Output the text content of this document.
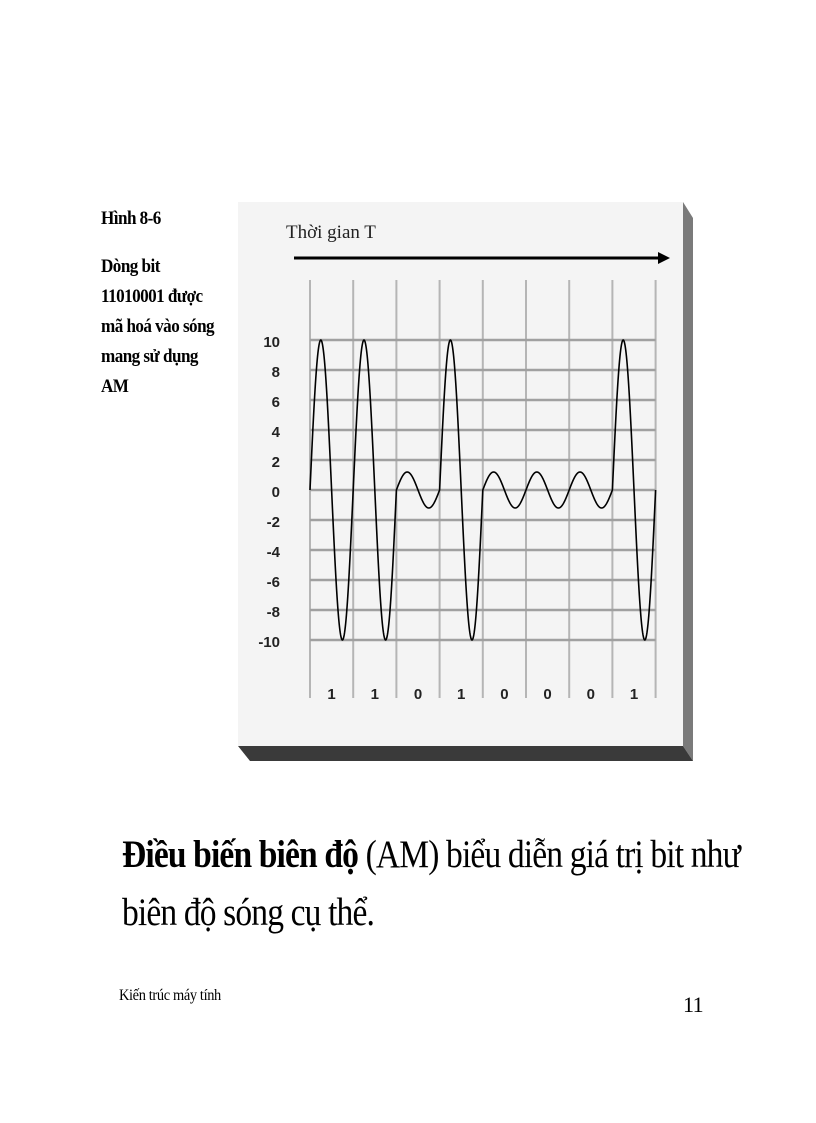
Hình 8-6

Dòng bit
11010001 được
mã hoá vào sóng
mang sử dụng
AM

Thời gian T
10
8
6
4
2
0
-2
-4
-6
-8
-10
1 1 0 1 0 0 0 1
Điều biến biên độ (AM) biểu diễn giá trị bit như
biên độ sóng cụ thể.
Kiến trúc máy tính	11
